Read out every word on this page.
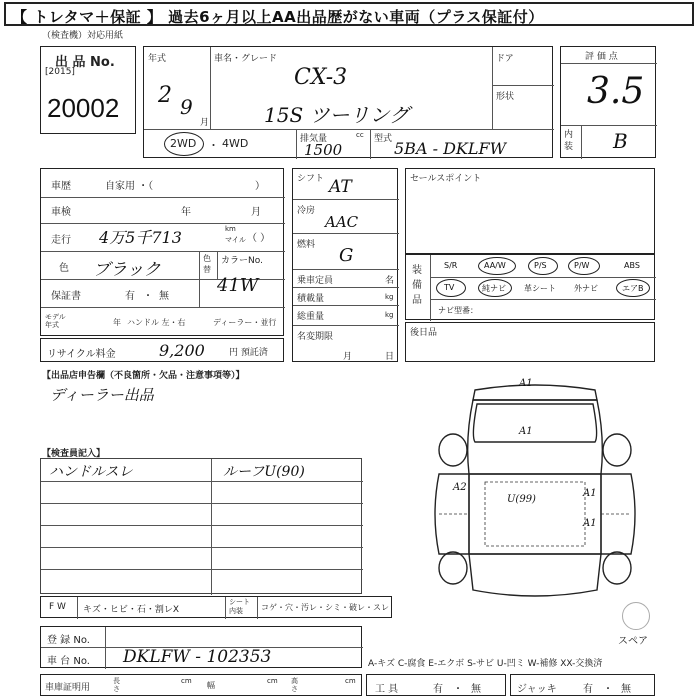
【 トレタマ＋保証 】 過去6ヶ月以上AA出品歴がない車両（プラス保証付）
（検査機）対応用紙
出 品 No.
[2015]
20002
年式
2 9
月
車名・グレード
CX-3
15S ツーリング
ドア
形状
2WD ・ 4WD	排気量	cc
1500
型式 5BA - DKLFW
評 価 点
3.5
内装 B
車歴	自家用 ・（	）
車検	年	月
走行 4万5千713	km
マイル （ ）
色 ブラック
色替
カラーNo.
41W
保証書	有 ・ 無
モデル年式	年 ハンドル 左・右	ディーラー・並行
リサイクル料金	9,200	円 預託済
シフト AT
冷房
AAC
燃料 G
乗車定員	名
積載量	kg
総重量	kg
名変期限
月	日
セールスポイント
装備品
S/R	AA/W	P/S	P/W	ABS
TV	純ナビ 革シート 外ナビ	エアB
ナビ型番：
後日品
【出品店申告欄（不良箇所・欠品・注意事項等）】
ディーラー出品
【検査員記入】
ハンドルスレ	ルーフU(90)
A1
A1
A2
U(99)
A1
A1
スペア
F W キズ・ヒビ・石・割レX
シート内装	コゲ・穴・汚レ・シミ・破レ・スレ
登 録 No.
車 台 No. DKLFW - 102353	A-キズ C-腐食 E-エクボ S-サビ U-凹ミ W-補修 XX-交換済
車庫証明用
長さ
cm 幅	cm 高さ
cm
工 具	有 ・ 無	ジャッキ	有 ・ 無
